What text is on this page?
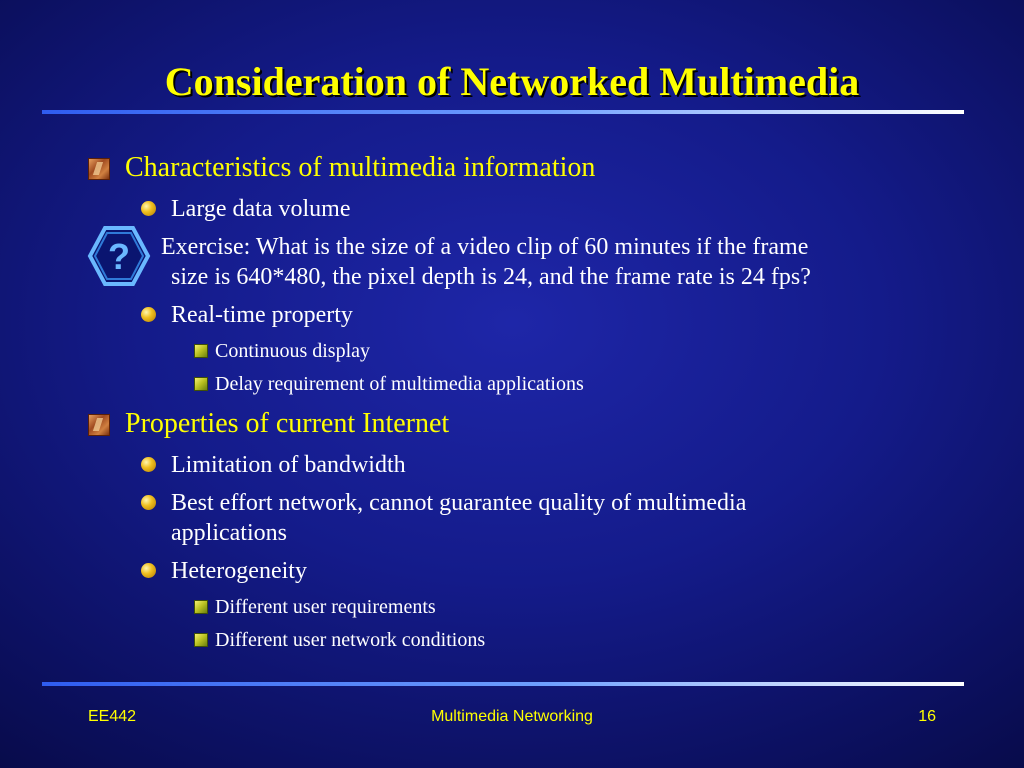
Consideration of Networked Multimedia
Characteristics of multimedia information
Large data volume
? Exercise: What is the size of a video clip of 60 minutes if the frame
size is 640*480, the pixel depth is 24, and the frame rate is 24 fps?
Real-time property
Continuous display
Delay requirement of multimedia applications
Properties of current Internet
Limitation of bandwidth
Best effort network, cannot guarantee quality of multimedia
applications
Heterogeneity
Different user requirements
Different user network conditions
EE442	Multimedia Networking	16
